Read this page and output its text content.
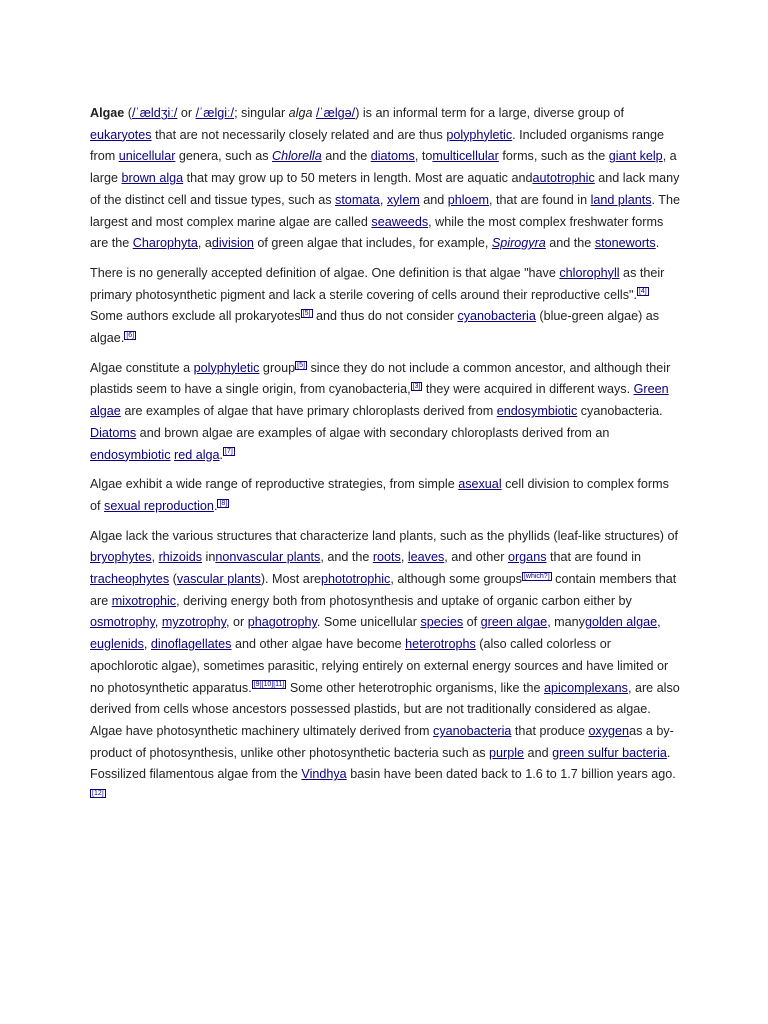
Algae (/ˈældʒiː/ or /ˈælɡiː/; singular alga /ˈælɡə/) is an informal term for a large, diverse group of eukaryotes that are not necessarily closely related and are thus polyphyletic. Included organisms range from unicellular genera, such as Chlorella and the diatoms, tomulticellular forms, such as the giant kelp, a large brown alga that may grow up to 50 meters in length. Most are aquatic andautotrophic and lack many of the distinct cell and tissue types, such as stomata, xylem and phloem, that are found in land plants. The largest and most complex marine algae are called seaweeds, while the most complex freshwater forms are the Charophyta, adivision of green algae that includes, for example, Spirogyra and the stoneworts.

There is no generally accepted definition of algae. One definition is that algae "have chlorophyll as their primary photosynthetic pigment and lack a sterile covering of cells around their reproductive cells". [4] Some authors exclude all prokaryotes [5] and thus do not consider cyanobacteria (blue-green algae) as algae. [6]

Algae constitute a polyphyletic group [5] since they do not include a common ancestor, and although their plastids seem to have a single origin, from cyanobacteria, [3] they were acquired in different ways. Green algae are examples of algae that have primary chloroplasts derived from endosymbiotic cyanobacteria. Diatoms and brown algae are examples of algae with secondary chloroplasts derived from an endosymbiotic red alga. [7]

Algae exhibit a wide range of reproductive strategies, from simple asexual cell division to complex forms of sexual reproduction. [8]

Algae lack the various structures that characterize land plants, such as the phyllids (leaf-like structures) of bryophytes, rhizoids innonvascular plants, and the roots, leaves, and other organs that are found in tracheophytes (vascular plants). Most arephototrophic, although some groups [which?] contain members that are mixotrophic, deriving energy both from photosynthesis and uptake of organic carbon either by osmotrophy, myzotrophy, or phagotrophy. Some unicellular species of green algae, manygolden algae, euglenids, dinoflagellates and other algae have become heterotrophs (also called colorless or apochlorotic algae), sometimes parasitic, relying entirely on external energy sources and have limited or no photosynthetic apparatus. [9][10][11] Some other heterotrophic organisms, like the apicomplexans, are also derived from cells whose ancestors possessed plastids, but are not traditionally considered as algae. Algae have photosynthetic machinery ultimately derived from cyanobacteria that produce oxygenas a by-product of photosynthesis, unlike other photosynthetic bacteria such as purple and green sulfur bacteria. Fossilized filamentous algae from the Vindhya basin have been dated back to 1.6 to 1.7 billion years ago.[12]
